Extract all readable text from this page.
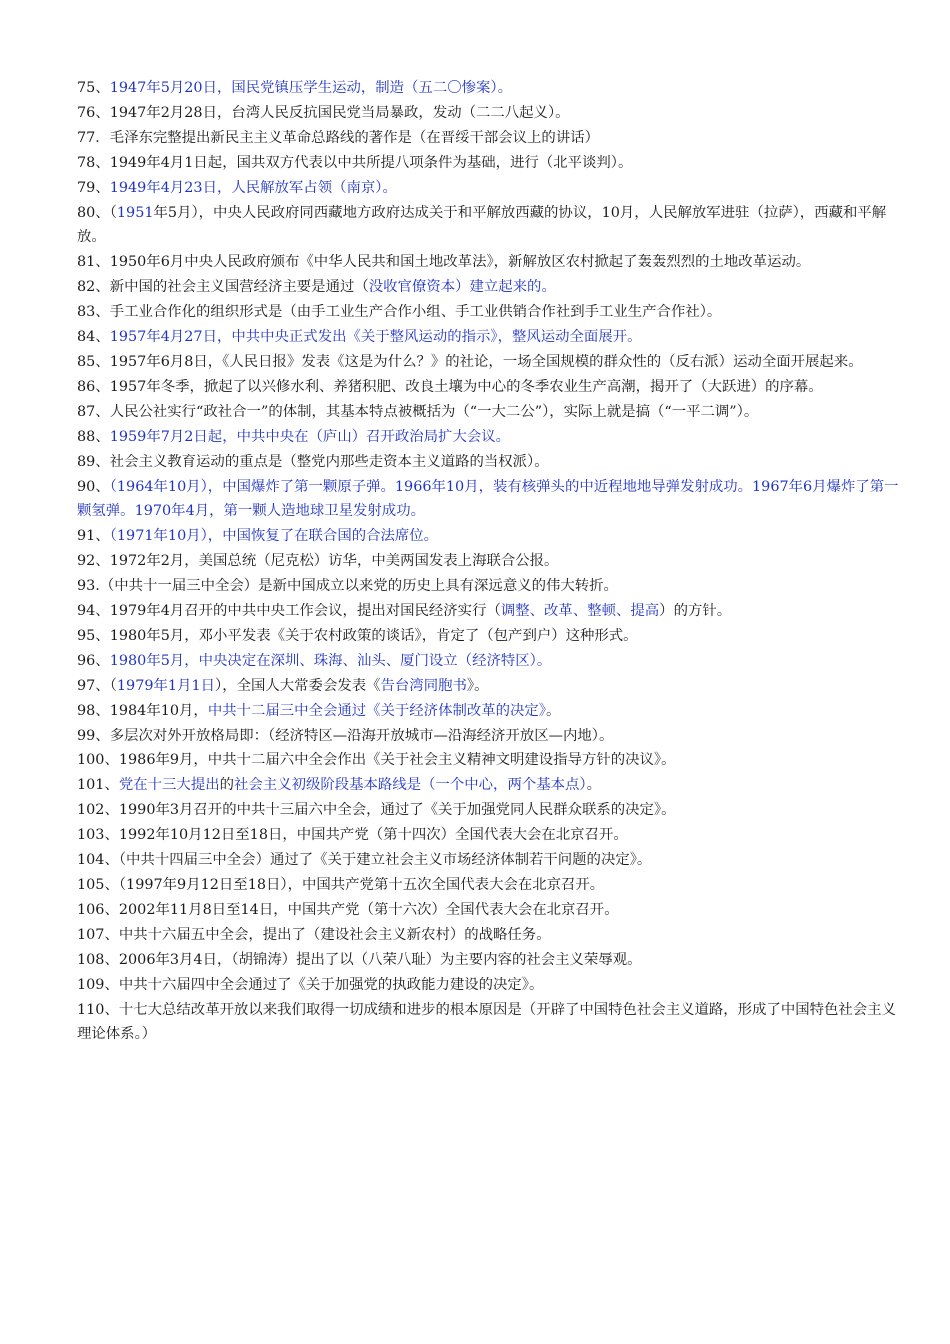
75、1947年5月20日，国民党镇压学生运动，制造（五二〇惨案）。
76、1947年2月28日，台湾人民反抗国民党当局暴政，发动（二二八起义）。
77．毛泽东完整提出新民主主义革命总路线的著作是（在晋绥干部会议上的讲话）
78、1949年4月1日起，国共双方代表以中共所提八项条件为基础，进行（北平谈判）。
79、1949年4月23日，人民解放军占领（南京）。
80、（1951年5月），中央人民政府同西藏地方政府达成关于和平解放西藏的协议，10月，人民解放军进驻（拉萨），西藏和平解放。
81、1950年6月中央人民政府颁布《中华人民共和国土地改革法》，新解放区农村掀起了轰轰烈烈的土地改革运动。
82、新中国的社会主义国营经济主要是通过（没收官僚资本）建立起来的。
83、手工业合作化的组织形式是（由手工业生产合作小组、手工业供销合作社到手工业生产合作社）。
84、1957年4月27日，中共中央正式发出《关于整风运动的指示》，整风运动全面展开。
85、1957年6月8日，《人民日报》发表《这是为什么？》的社论，一场全国规模的群众性的（反右派）运动全面开展起来。
86、1957年冬季，掀起了以兴修水利、养猪积肥、改良土壤为中心的冬季农业生产高潮，揭开了（大跃进）的序幕。
87、人民公社实行“政社合一”的体制，其基本特点被概括为（“一大二公”），实际上就是搞（“一平二调”）。
88、1959年7月2日起，中共中央在（庐山）召开政治局扩大会议。
89、社会主义教育运动的重点是（整党内那些走资本主义道路的当权派）。
90、（1964年10月），中国爆炸了第一颗原子弹。1966年10月，装有核弹头的中近程地地导弹发射成功。1967年6月爆炸了第一颗氢弹。1970年4月，第一颗人造地球卫星发射成功。
91、（1971年10月），中国恢复了在联合国的合法席位。
92、1972年2月，美国总统（尼克松）访华，中美两国发表上海联合公报。
93.（中共十一届三中全会）是新中国成立以来党的历史上具有深远意义的伟大转折。
94、1979年4月召开的中共中央工作会议，提出对国民经济实行（调整、改革、整顿、提高）的方针。
95、1980年5月，邓小平发表《关于农村政策的谈话》，肯定了（包产到户）这种形式。
96、1980年5月，中央决定在深圳、珠海、汕头、厦门设立（经济特区）。
97、（1979年1月1日），全国人大常委会发表《告台湾同胞书》。
98、1984年10月，中共十二届三中全会通过《关于经济体制改革的决定》。
99、多层次对外开放格局即：（经济特区—沿海开放城市—沿海经济开放区—内地）。
100、1986年9月，中共十二届六中全会作出《关于社会主义精神文明建设指导方针的决议》。
101、党在十三大提出的社会主义初级阶段基本路线是（一个中心，两个基本点）。
102、1990年3月召开的中共十三届六中全会，通过了《关于加强党同人民群众联系的决定》。
103、1992年10月12日至18日，中国共产党（第十四次）全国代表大会在北京召开。
104、（中共十四届三中全会）通过了《关于建立社会主义市场经济体制若干问题的决定》。
105、（1997年9月12日至18日），中国共产党第十五次全国代表大会在北京召开。
106、2002年11月8日至14日，中国共产党（第十六次）全国代表大会在北京召开。
107、中共十六届五中全会，提出了（建设社会主义新农村）的战略任务。
108、2006年3月4日，（胡锦涛）提出了以（八荣八耻）为主要内容的社会主义荣辱观。
109、中共十六届四中全会通过了《关于加强党的执政能力建设的决定》。
110、十七大总结改革开放以来我们取得一切成绩和进步的根本原因是（开辟了中国特色社会主义道路，形成了中国特色社会主义理论体系。）
